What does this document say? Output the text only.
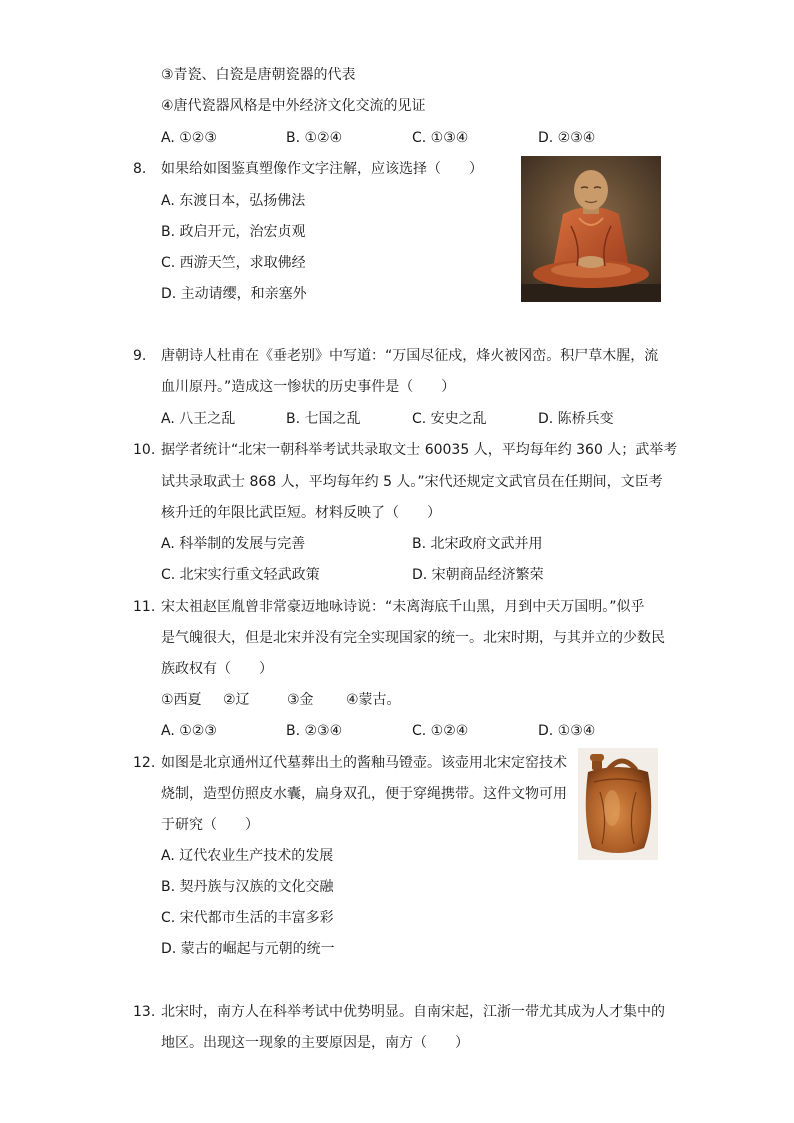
③青瓷、白瓷是唐朝瓷器的代表
④唐代瓷器风格是中外经济文化交流的见证
A. ①②③	B. ①②④	C. ①③④	D. ②③④
8. 如果给如图鉴真塑像作文字注解，应该选择（　　）
A. 东渡日本，弘扬佛法
B. 政启开元，治宏贞观
C. 西游天竺，求取佛经
D. 主动请缨，和亲塞外
9. 唐朝诗人杜甫在《垂老别》中写道：“万国尽征戍，烽火被冈峦。积尸草木腥，流
血川原丹。”造成这一惨状的历史事件是（　　）
A. 八王之乱	B. 七国之乱	C. 安史之乱	D. 陈桥兵变
10. 据学者统计“北宋一朝科举考试共录取文士 60035 人，平均每年约 360 人；武举考
试共录取武士 868 人，平均每年约 5 人。”宋代还规定文武官员在任期间，文臣考
核升迁的年限比武臣短。材料反映了（　　）
A. 科举制的发展与完善	B. 北宋政府文武并用
C. 北宋实行重文轻武政策	D. 宋朝商品经济繁荣
11. 宋太祖赵匡胤曾非常豪迈地咏诗说：“未离海底千山黑，月到中天万国明。”似乎
是气魄很大，但是北宋并没有完全实现国家的统一。北宋时期，与其并立的少数民
族政权有（　　）
①西夏 ②辽	③金 ④蒙古。
A. ①②③	B. ②③④	C. ①②④	D. ①③④
12. 如图是北京通州辽代墓葬出土的酱釉马镫壶。该壶用北宋定窑技术
烧制，造型仿照皮水囊，扁身双孔，便于穿绳携带。这件文物可用
于研究（　　）
A. 辽代农业生产技术的发展
B. 契丹族与汉族的文化交融
C. 宋代都市生活的丰富多彩
D. 蒙古的崛起与元朝的统一
13. 北宋时，南方人在科举考试中优势明显。自南宋起，江浙一带尤其成为人才集中的
地区。出现这一现象的主要原因是，南方（　　）
